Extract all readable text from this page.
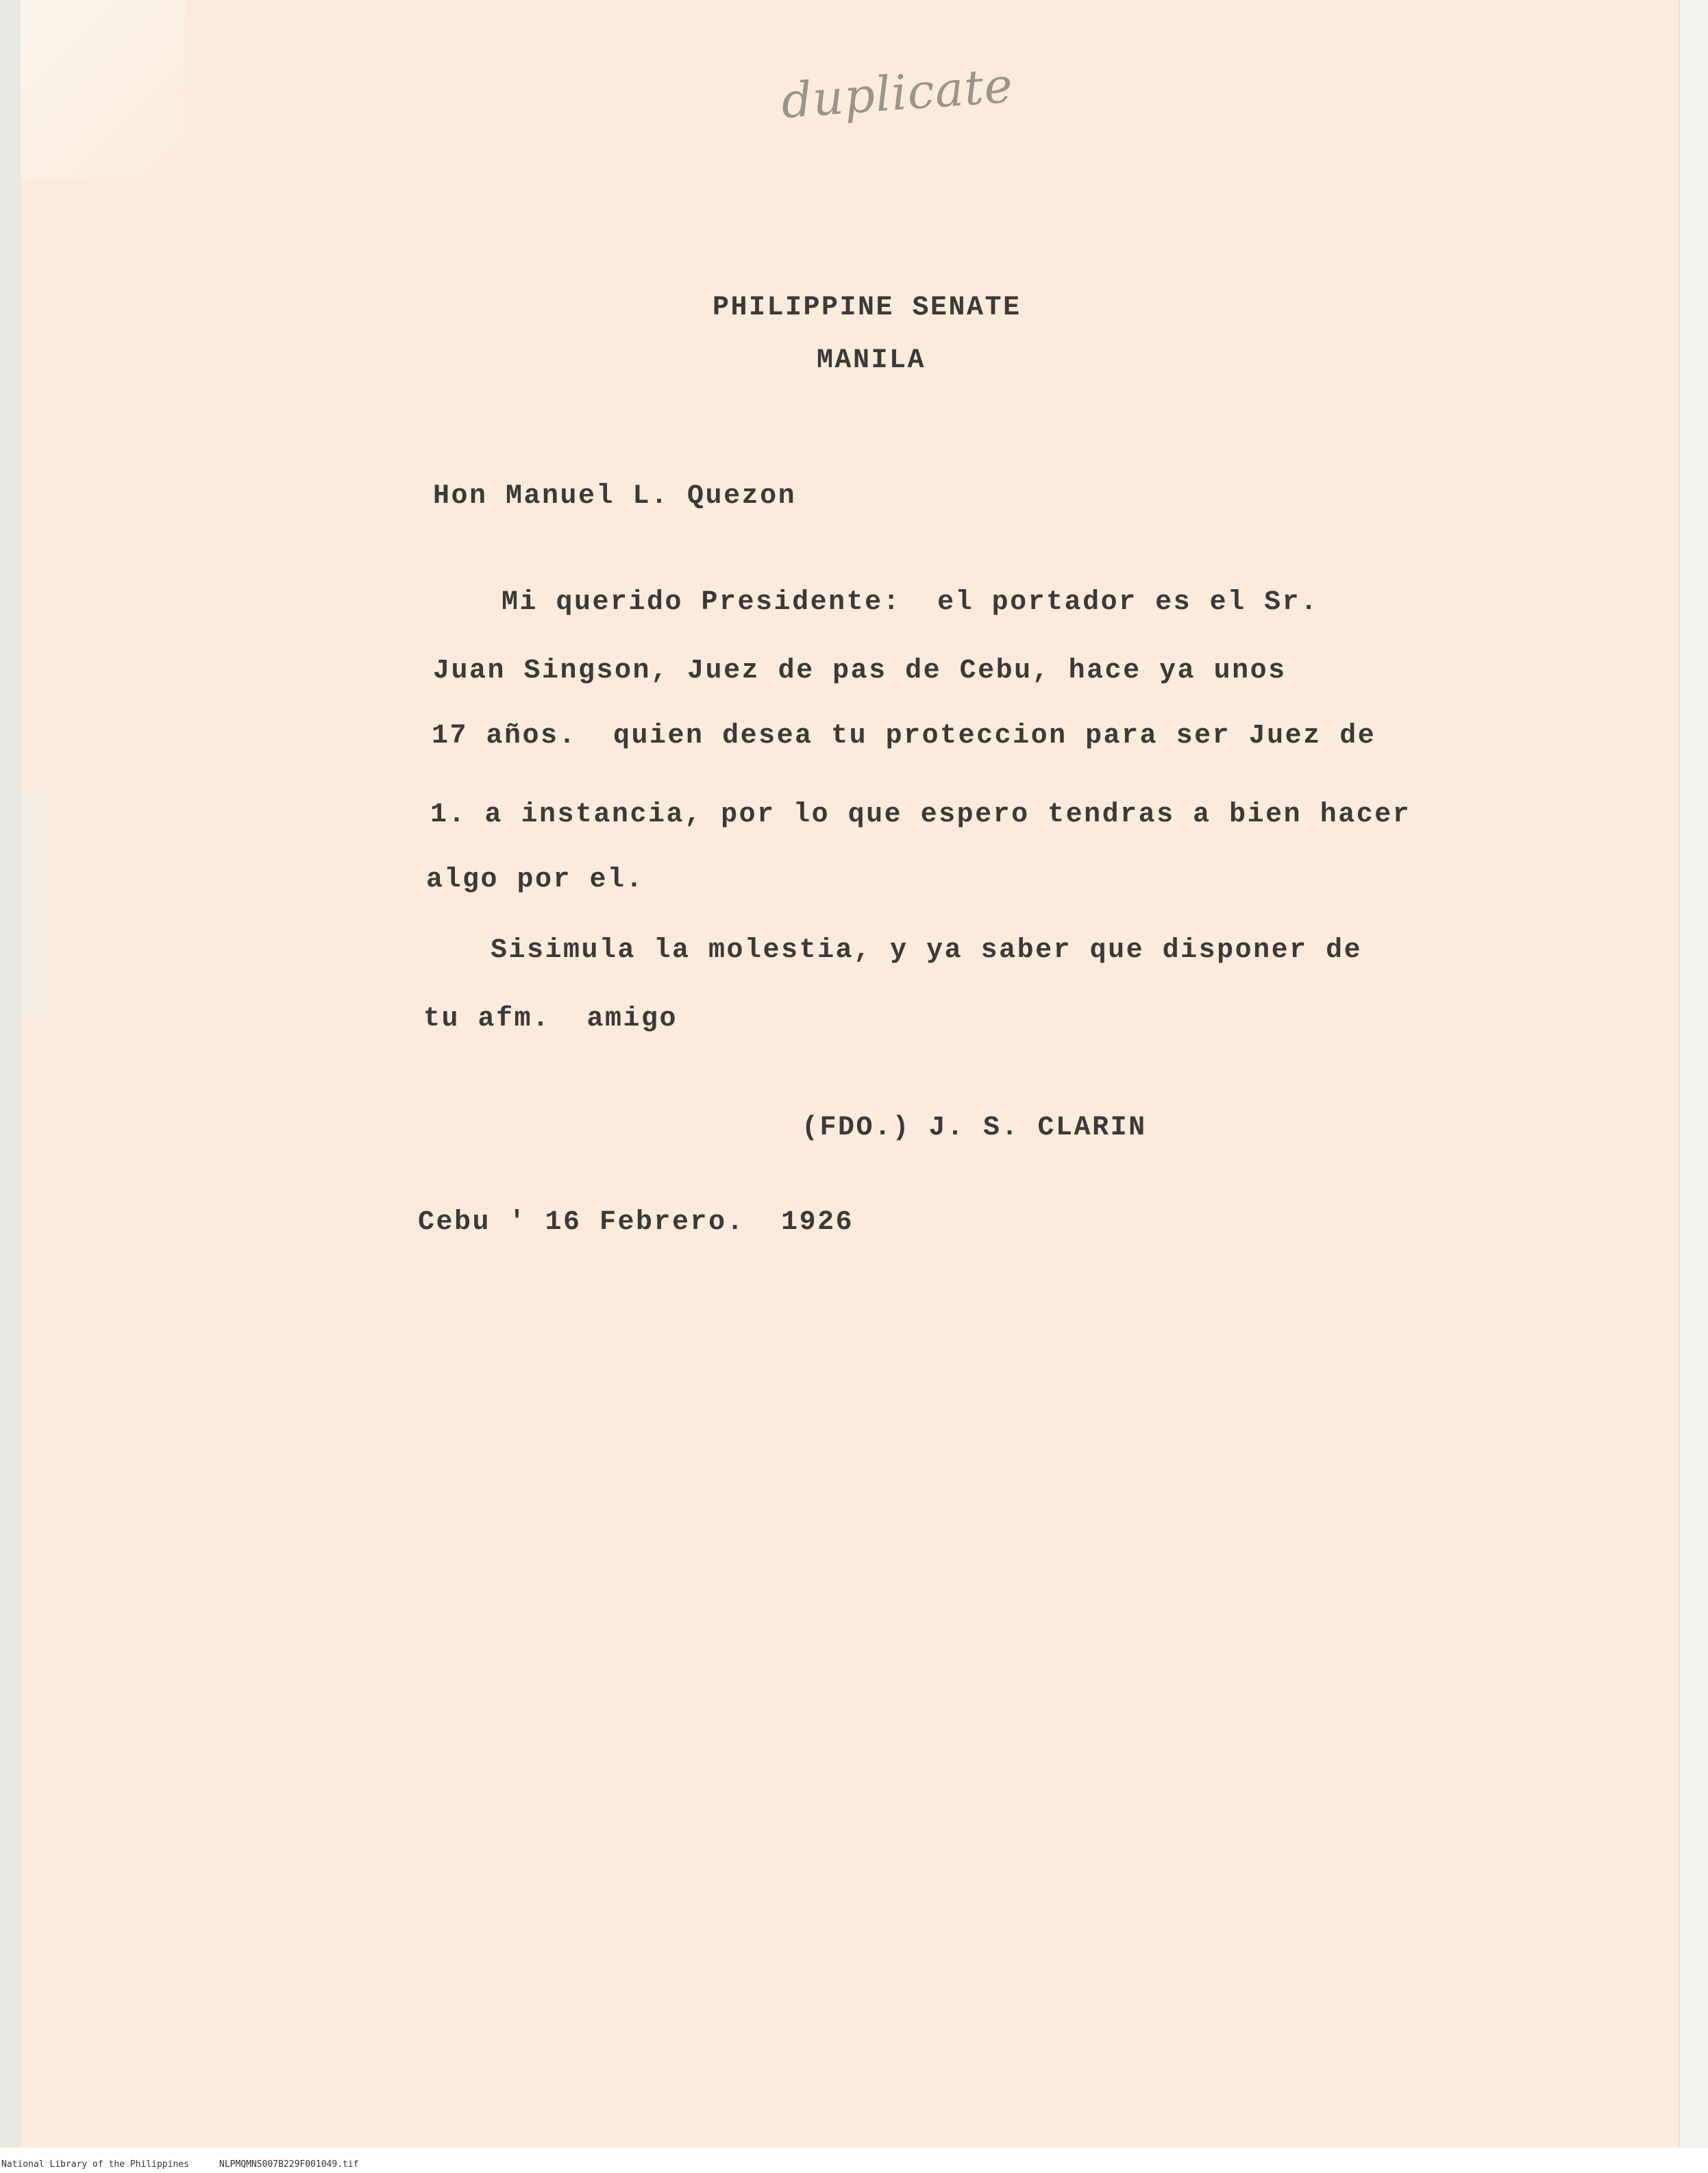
duplicate
PHILIPPINE SENATE
MANILA
Hon Manuel L. Quezon
Mi querido Presidente:  el portador es el Sr.
Juan Singson, Juez de pas de Cebu, hace ya unos
17 años.  quien desea tu proteccion para ser Juez de
1. a instancia, por lo que espero tendras a bien hacer
algo por el.
Sisimula la molestia, y ya saber que disponer de
tu afm.  amigo
(FDO.) J. S. CLARIN
Cebu ' 16 Febrero.  1926
National Library of the Philippines	NLPMQMNS007B229F001049.tif
